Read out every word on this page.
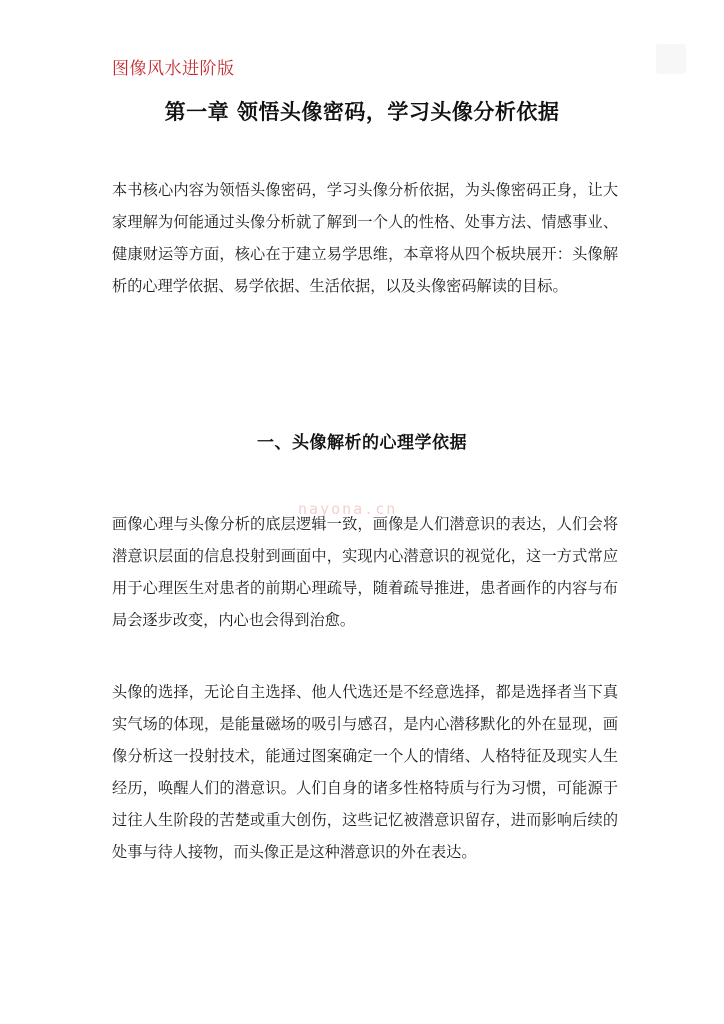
图像风水进阶版
第一章 领悟头像密码，学习头像分析依据

本书核心内容为领悟头像密码，学习头像分析依据，为头像密码正身，让大家理解为何能通过头像分析就了解到一个人的性格、处事方法、情感事业、健康财运等方面，核心在于建立易学思维，本章将从四个板块展开：头像解析的心理学依据、易学依据、生活依据，以及头像密码解读的目标。

一、头像解析的心理学依据

画像心理与头像分析的底层逻辑一致，画像是人们潜意识的表达，人们会将潜意识层面的信息投射到画面中，实现内心潜意识的视觉化，这一方式常应用于心理医生对患者的前期心理疏导，随着疏导推进，患者画作的内容与布局会逐步改变，内心也会得到治愈。

头像的选择，无论自主选择、他人代选还是不经意选择，都是选择者当下真实气场的体现，是能量磁场的吸引与感召，是内心潜移默化的外在显现，画像分析这一投射技术，能通过图案确定一个人的情绪、人格特征及现实人生经历，唤醒人们的潜意识。人们自身的诸多性格特质与行为习惯，可能源于过往人生阶段的苦楚或重大创伤，这些记忆被潜意识留存，进而影响后续的处事与待人接物，而头像正是这种潜意识的外在表达。

nayona.cn
